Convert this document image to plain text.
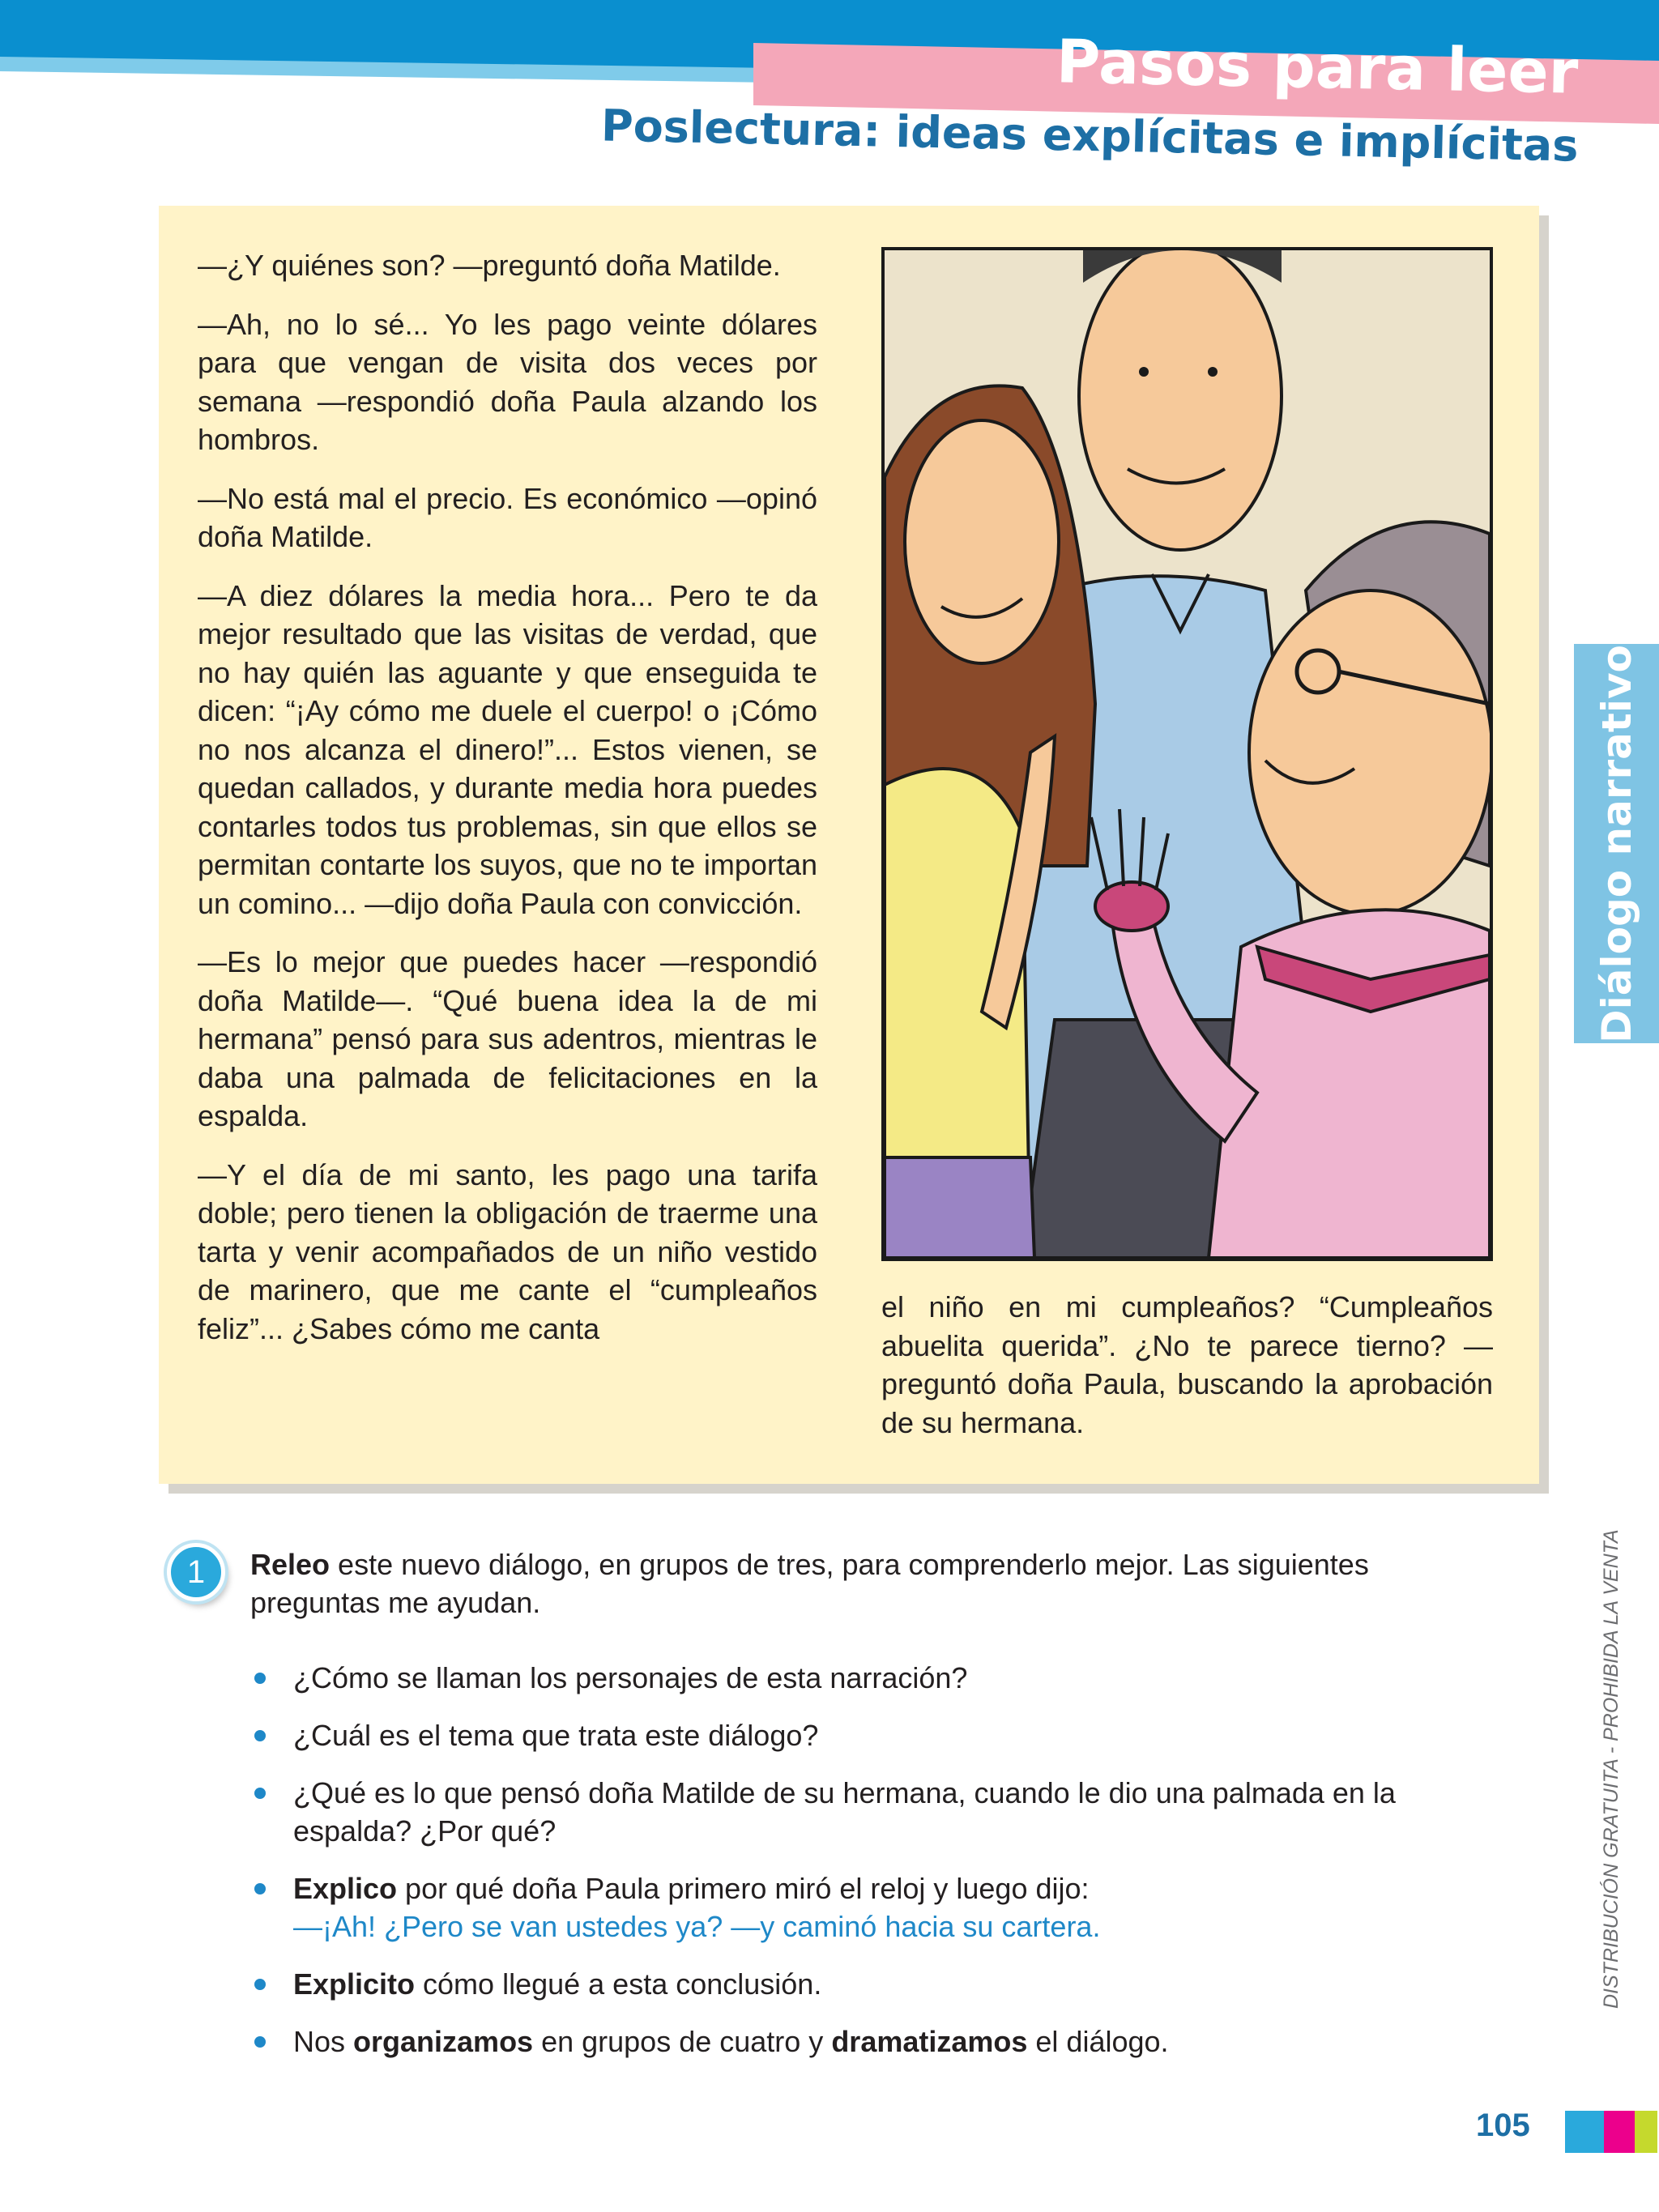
Pasos para leer
Poslectura: ideas explícitas e implícitas

—¿Y quiénes son? —preguntó doña Matilde.

—Ah, no lo sé... Yo les pago veinte dólares para que vengan de visita dos veces por semana —respondió doña Paula alzando los hombros.

—No está mal el precio. Es económico —opinó doña Matilde.

—A diez dólares la media hora... Pero te da mejor resultado que las visitas de verdad, que no hay quién las aguante y que enseguida te dicen: “¡Ay cómo me duele el cuerpo! o ¡Cómo no nos alcanza el dinero!”... Estos vienen, se quedan callados, y durante media hora puedes contarles todos tus problemas, sin que ellos se permitan contarte los suyos, que no te importan un comino... —dijo doña Paula con convicción.

—Es lo mejor que puedes hacer —respondió doña Matilde—. “Qué buena idea la de mi hermana” pensó para sus adentros, mientras le daba una palmada de felicitaciones en la espalda.

—Y el día de mi santo, les pago una tarifa doble; pero tienen la obligación de traerme una tarta y venir acompañados de un niño vestido de marinero, que me cante el “cumpleaños feliz”... ¿Sabes cómo me canta

el niño en mi cumpleaños? “Cumpleaños abuelita querida”. ¿No te parece tierno? —preguntó doña Paula, buscando la aprobación de su hermana.

Diálogo narrativo
DISTRIBUCIÓN GRATUITA - PROHIBIDA LA VENTA
1	Releo este nuevo diálogo, en grupos de tres, para comprenderlo mejor. Las siguientes preguntas me ayudan.

¿Cómo se llaman los personajes de esta narración?
¿Cuál es el tema que trata este diálogo?
¿Qué es lo que pensó doña Matilde de su hermana, cuando le dio una palmada en la espalda? ¿Por qué?
Explico por qué doña Paula primero miró el reloj y luego dijo:
—¡Ah! ¿Pero se van ustedes ya? —y caminó hacia su cartera.
Explicito cómo llegué a esta conclusión.
Nos organizamos en grupos de cuatro y dramatizamos el diálogo.
105
